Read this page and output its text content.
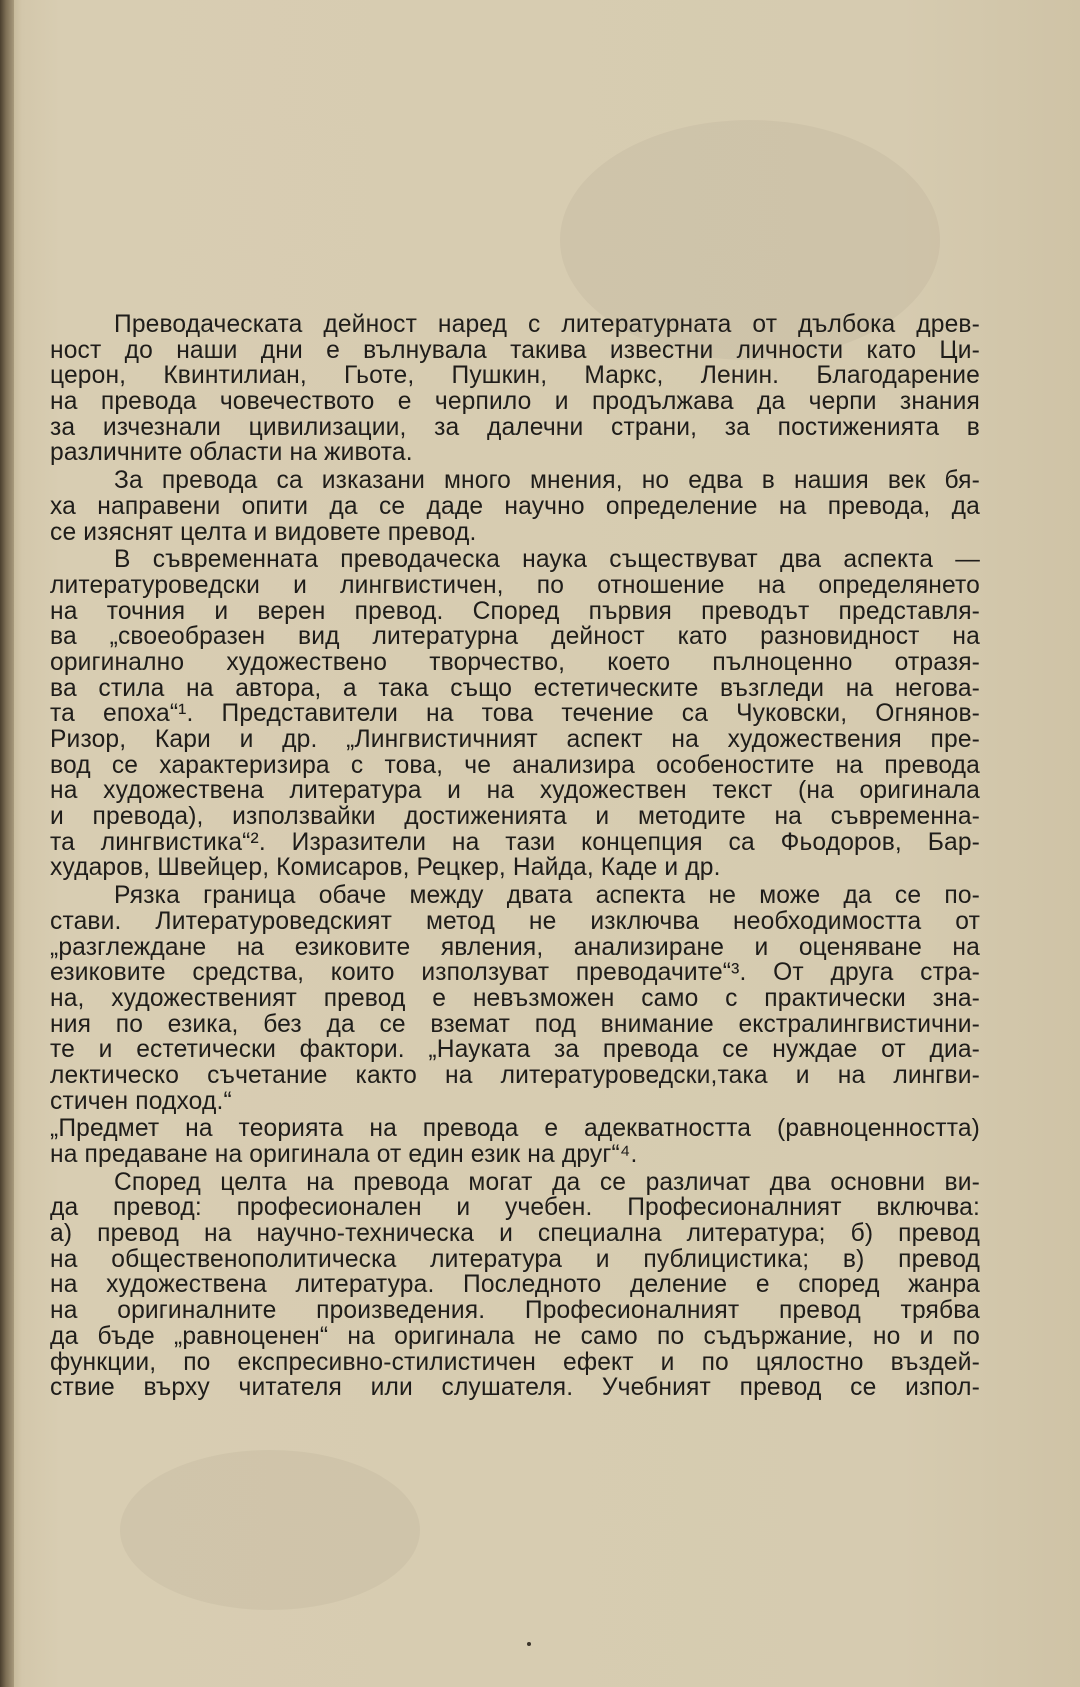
Преводаческата дейност наред с литературната от дълбока древ-
ност до наши дни е вълнувала такива известни личности като Ци-
церон, Квинтилиан, Гьоте, Пушкин, Маркс, Ленин. Благодарение
на превода човечеството е черпило и продължава да черпи знания
за изчезнали цивилизации, за далечни страни, за постиженията в
различните области на живота.
За превода са изказани много мнения, но едва в нашия век бя-
ха направени опити да се даде научно определение на превода, да
се изяснят целта и видовете превод.
В съвременната преводаческа наука съществуват два аспекта —
литературоведски и лингвистичен, по отношение на определянето
на точния и верен превод. Според първия преводът представля-
ва „своеобразен вид литературна дейност като разновидност на
оригинално художествено творчество, което пълноценно отразя-
ва стила на автора, а така също естетическите възгледи на негова-
та епоха“¹. Представители на това течение са Чуковски, Огнянов-
Ризор, Кари и др. „Лингвистичният аспект на художествения пре-
вод се характеризира с това, че анализира особеностите на превода
на художествена литература и на художествен текст (на оригинала
и превода), използвайки достиженията и методите на съвременна-
та лингвистика“². Изразители на тази концепция са Фьодоров, Бар-
хударов, Швейцер, Комисаров, Рецкер, Найда, Каде и др.
Рязка граница обаче между двата аспекта не може да се по-
стави. Литературоведският метод не изключва необходимостта от
„разглеждане на езиковите явления, анализиране и оценяване на
езиковите средства, които използуват преводачите“³. От друга стра-
на, художественият превод е невъзможен само с практически зна-
ния по езика, без да се вземат под внимание екстралингвистични-
те и естетически фактори. „Науката за превода се нуждае от диа-
лектическо съчетание както на литературоведски,така и на лингви-
стичен подход.“
„Предмет на теорията на превода е адекватността (равноценността)
на предаване на оригинала от един език на друг“⁴.
Според целта на превода могат да се различат два основни ви-
да превод: професионален и учебен. Професионалният включва:
а) превод на научно-техническа и специална литература; б) превод
на общественополитическа литература и публицистика; в) превод
на художествена литература. Последното деление е според жанра
на оригиналните произведения. Професионалният превод трябва
да бъде „равноценен“ на оригинала не само по съдържание, но и по
функции, по експресивно-стилистичен ефект и по цялостно въздей-
ствие върху читателя или слушателя. Учебният превод се изпол-
